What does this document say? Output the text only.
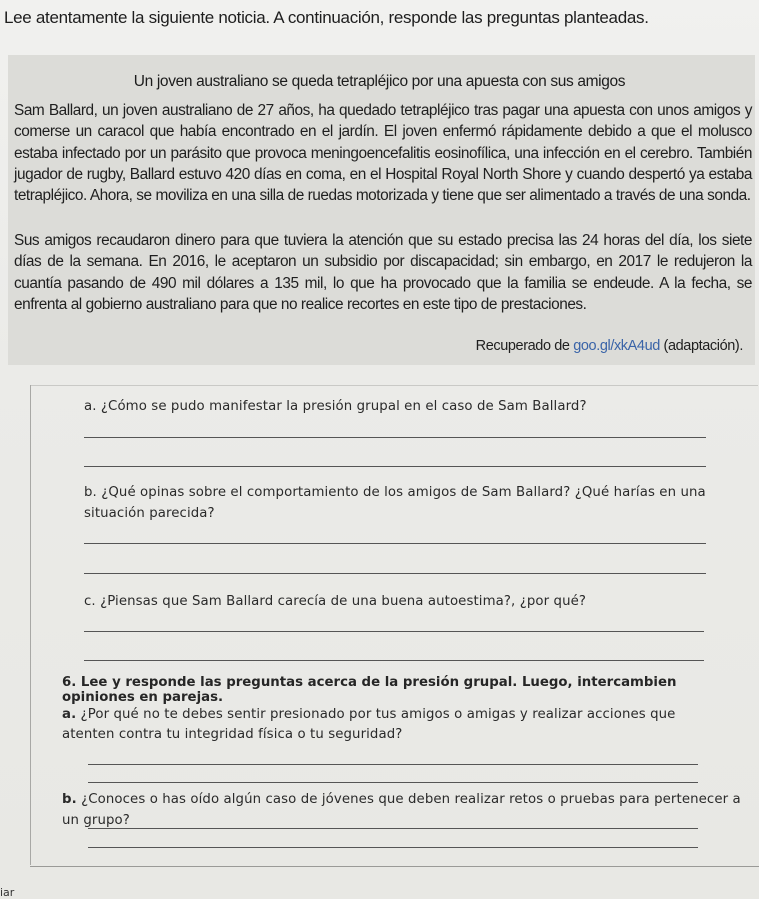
Lee atentamente la siguiente noticia. A continuación, responde las preguntas planteadas.
Un joven australiano se queda tetrapléjico por una apuesta con sus amigos
Sam Ballard, un joven australiano de 27 años, ha quedado tetrapléjico tras pagar una apuesta con unos amigos y comerse un caracol que había encontrado en el jardín. El joven enfermó rápidamente debido a que el molusco estaba infectado por un parásito que provoca meningoencefalitis eosinofílica, una infección en el cerebro. También jugador de rugby, Ballard estuvo 420 días en coma, en el Hospital Royal North Shore y cuando despertó ya estaba tetrapléjico. Ahora, se moviliza en una silla de ruedas motorizada y tiene que ser alimentado a través de una sonda.
Sus amigos recaudaron dinero para que tuviera la atención que su estado precisa las 24 horas del día, los siete días de la semana. En 2016, le aceptaron un subsidio por discapacidad; sin embargo, en 2017 le redujeron la cuantía pasando de 490 mil dólares a 135 mil, lo que ha provocado que la familia se endeude. A la fecha, se enfrenta al gobierno australiano para que no realice recortes en este tipo de prestaciones.
Recuperado de goo.gl/xkA4ud (adaptación).
a. ¿Cómo se pudo manifestar la presión grupal en el caso de Sam Ballard?
b. ¿Qué opinas sobre el comportamiento de los amigos de Sam Ballard? ¿Qué harías en una situación parecida?
c. ¿Piensas que Sam Ballard carecía de una buena autoestima?, ¿por qué?
6. Lee y responde las preguntas acerca de la presión grupal. Luego, intercambien opiniones en parejas.
a. ¿Por qué no te debes sentir presionado por tus amigos o amigas y realizar acciones que atenten contra tu integridad física o tu seguridad?
b. ¿Conoces o has oído algún caso de jóvenes que deben realizar retos o pruebas para pertenecer a un grupo?
iar
